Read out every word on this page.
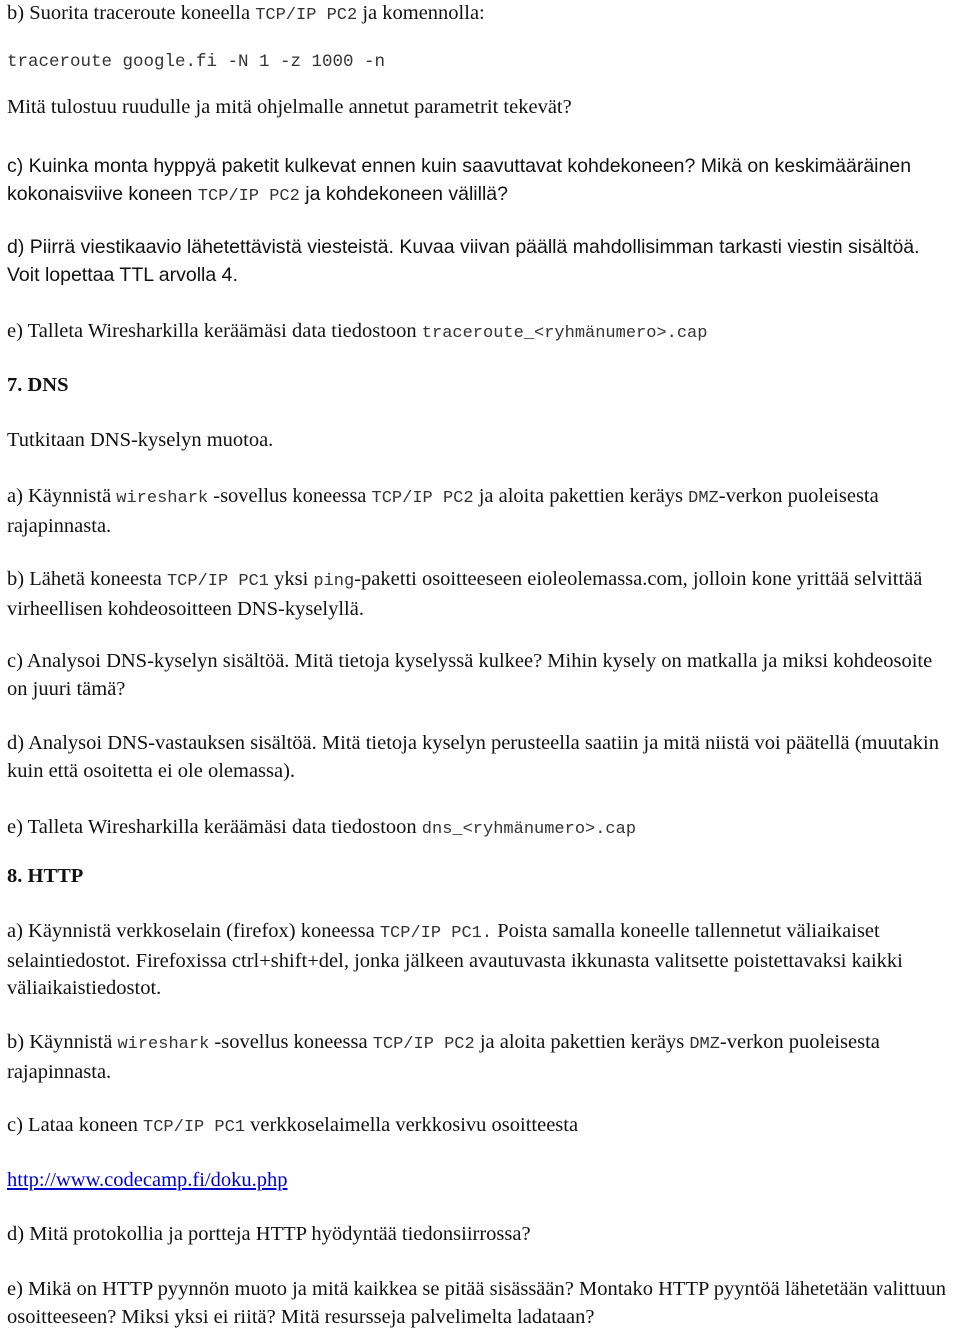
b) Suorita traceroute koneella TCP/IP PC2 ja komennolla:

traceroute google.fi -N 1 -z 1000 -n

Mitä tulostuu ruudulle ja mitä ohjelmalle annetut parametrit tekevät?

c) Kuinka monta hyppyä paketit kulkevat ennen kuin saavuttavat kohdekoneen? Mikä on keskimääräinen kokonaisviive koneen TCP/IP PC2 ja kohdekoneen välillä?

d) Piirrä viestikaavio lähetettävistä viesteistä. Kuvaa viivan päällä mahdollisimman tarkasti viestin sisältöä. Voit lopettaa TTL arvolla 4.

e) Talleta Wiresharkilla keräämäsi data tiedostoon traceroute_<ryhmänumero>.cap

7. DNS

Tutkitaan DNS-kyselyn muotoa.

a) Käynnistä wireshark -sovellus koneessa TCP/IP PC2 ja aloita pakettien keräys DMZ-verkon puoleisesta rajapinnasta.

b) Lähetä koneesta TCP/IP PC1 yksi ping-paketti osoitteeseen eioleolemassa.com, jolloin kone yrittää selvittää virheellisen kohdeosoitteen DNS-kyselyllä.

c) Analysoi DNS-kyselyn sisältöä. Mitä tietoja kyselyssä kulkee? Mihin kysely on matkalla ja miksi kohdeosoite on juuri tämä?

d) Analysoi DNS-vastauksen sisältöä. Mitä tietoja kyselyn perusteella saatiin ja mitä niistä voi päätellä (muutakin kuin että osoitetta ei ole olemassa).

e) Talleta Wiresharkilla keräämäsi data tiedostoon dns_<ryhmänumero>.cap

8. HTTP

a) Käynnistä verkkoselain (firefox) koneessa TCP/IP PC1. Poista samalla koneelle tallennetut väliaikaiset selaintiedostot. Firefoxissa ctrl+shift+del, jonka jälkeen avautuvasta ikkunasta valitsette poistettavaksi kaikki väliaikaistiedostot.

b) Käynnistä wireshark -sovellus koneessa TCP/IP PC2 ja aloita pakettien keräys DMZ-verkon puoleisesta rajapinnasta.

c) Lataa koneen TCP/IP PC1 verkkoselaimella verkkosivu osoitteesta

http://www.codecamp.fi/doku.php

d) Mitä protokollia ja portteja HTTP hyödyntää tiedonsiirrossa?

e) Mikä on HTTP pyynnön muoto ja mitä kaikkea se pitää sisässään? Montako HTTP pyyntöä lähetetään valittuun osoitteeseen? Miksi yksi ei riitä? Mitä resursseja palvelimelta ladataan?
